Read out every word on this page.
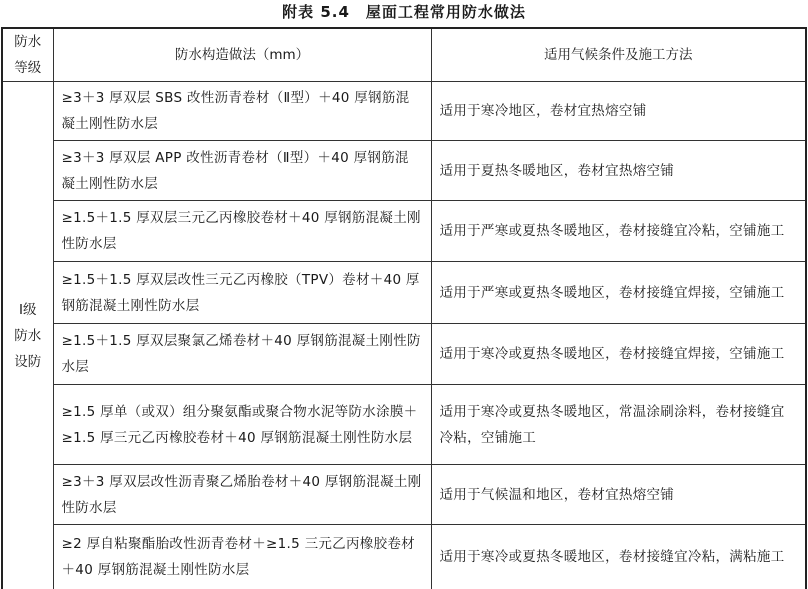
附表 5.4　屋面工程常用防水做法
防水
等级	防水构造做法（mm）	适用气候条件及施工方法

Ⅰ级
防水
设防	≥3＋3 厚双层 SBS 改性沥青卷材（Ⅱ型）＋40 厚钢筋混凝土刚性防水层	适用于寒冷地区，卷材宜热熔空铺
	≥3＋3 厚双层 APP 改性沥青卷材（Ⅱ型）＋40 厚钢筋混凝土刚性防水层	适用于夏热冬暖地区，卷材宜热熔空铺
	≥1.5＋1.5 厚双层三元乙丙橡胶卷材＋40 厚钢筋混凝土刚性防水层	适用于严寒或夏热冬暖地区，卷材接缝宜冷粘，空铺施工
	≥1.5＋1.5 厚双层改性三元乙丙橡胶（TPV）卷材＋40 厚钢筋混凝土刚性防水层	适用于严寒或夏热冬暖地区，卷材接缝宜焊接，空铺施工
	≥1.5＋1.5 厚双层聚氯乙烯卷材＋40 厚钢筋混凝土刚性防水层	适用于寒冷或夏热冬暖地区，卷材接缝宜焊接，空铺施工
	≥1.5 厚单（或双）组分聚氨酯或聚合物水泥等防水涂膜＋≥1.5 厚三元乙丙橡胶卷材＋40 厚钢筋混凝土刚性防水层	适用于寒冷或夏热冬暖地区，常温涂刷涂料，卷材接缝宜冷粘，空铺施工
	≥3＋3 厚双层改性沥青聚乙烯胎卷材＋40 厚钢筋混凝土刚性防水层	适用于气候温和地区，卷材宜热熔空铺
	≥2 厚自粘聚酯胎改性沥青卷材＋≥1.5 三元乙丙橡胶卷材＋40 厚钢筋混凝土刚性防水层	适用于寒冷或夏热冬暖地区，卷材接缝宜冷粘，满粘施工
